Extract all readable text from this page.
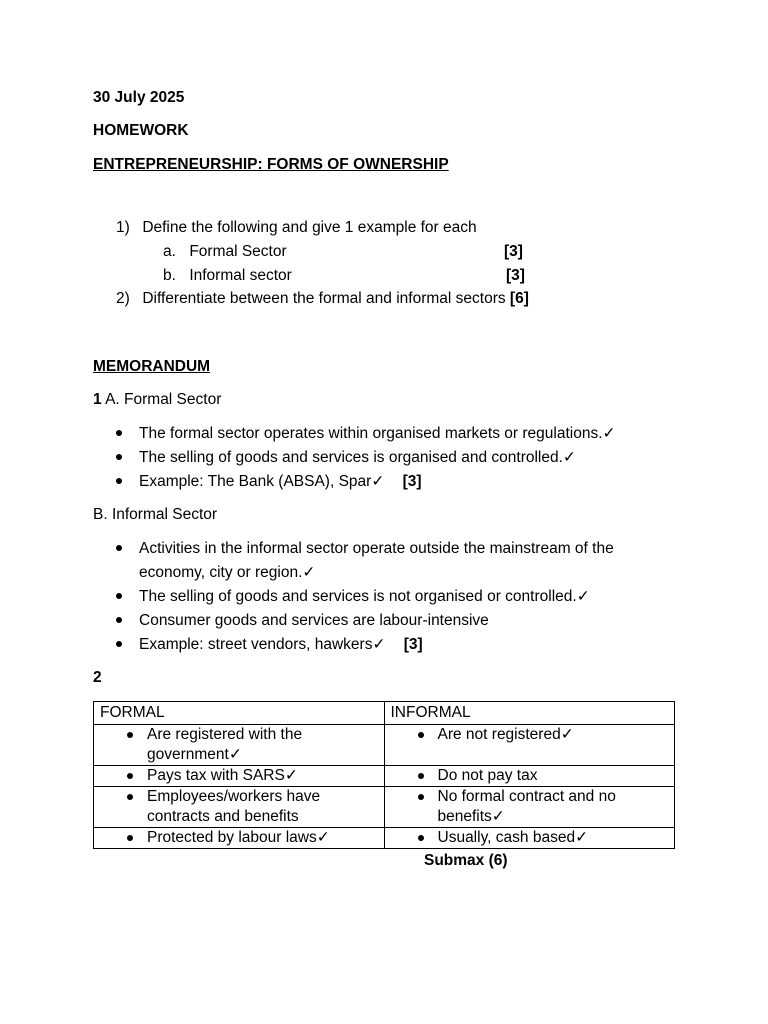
30 July 2025
HOMEWORK
ENTREPRENEURSHIP: FORMS OF OWNERSHIP
1) Define the following and give 1 example for each
a. Formal Sector	[3]
b. Informal sector	[3]
2) Differentiate between the formal and informal sectors [6]
MEMORANDUM
1 A. Formal Sector
The formal sector operates within organised markets or regulations.✓
The selling of goods and services is organised and controlled.✓
Example: The Bank (ABSA), Spar✓ [3]
B. Informal Sector
Activities in the informal sector operate outside the mainstream of the
economy, city or region.✓
The selling of goods and services is not organised or controlled.✓
Consumer goods and services are labour-intensive
Example: street vendors, hawkers✓ [3]
2
FORMAL	INFORMAL

Are registered with the government✓	Are not registered✓

Pays tax with SARS✓	Do not pay tax

Employees/workers have contracts and benefits	No formal contract and no benefits✓

Protected by labour laws✓	Usually, cash based✓
Submax (6)
